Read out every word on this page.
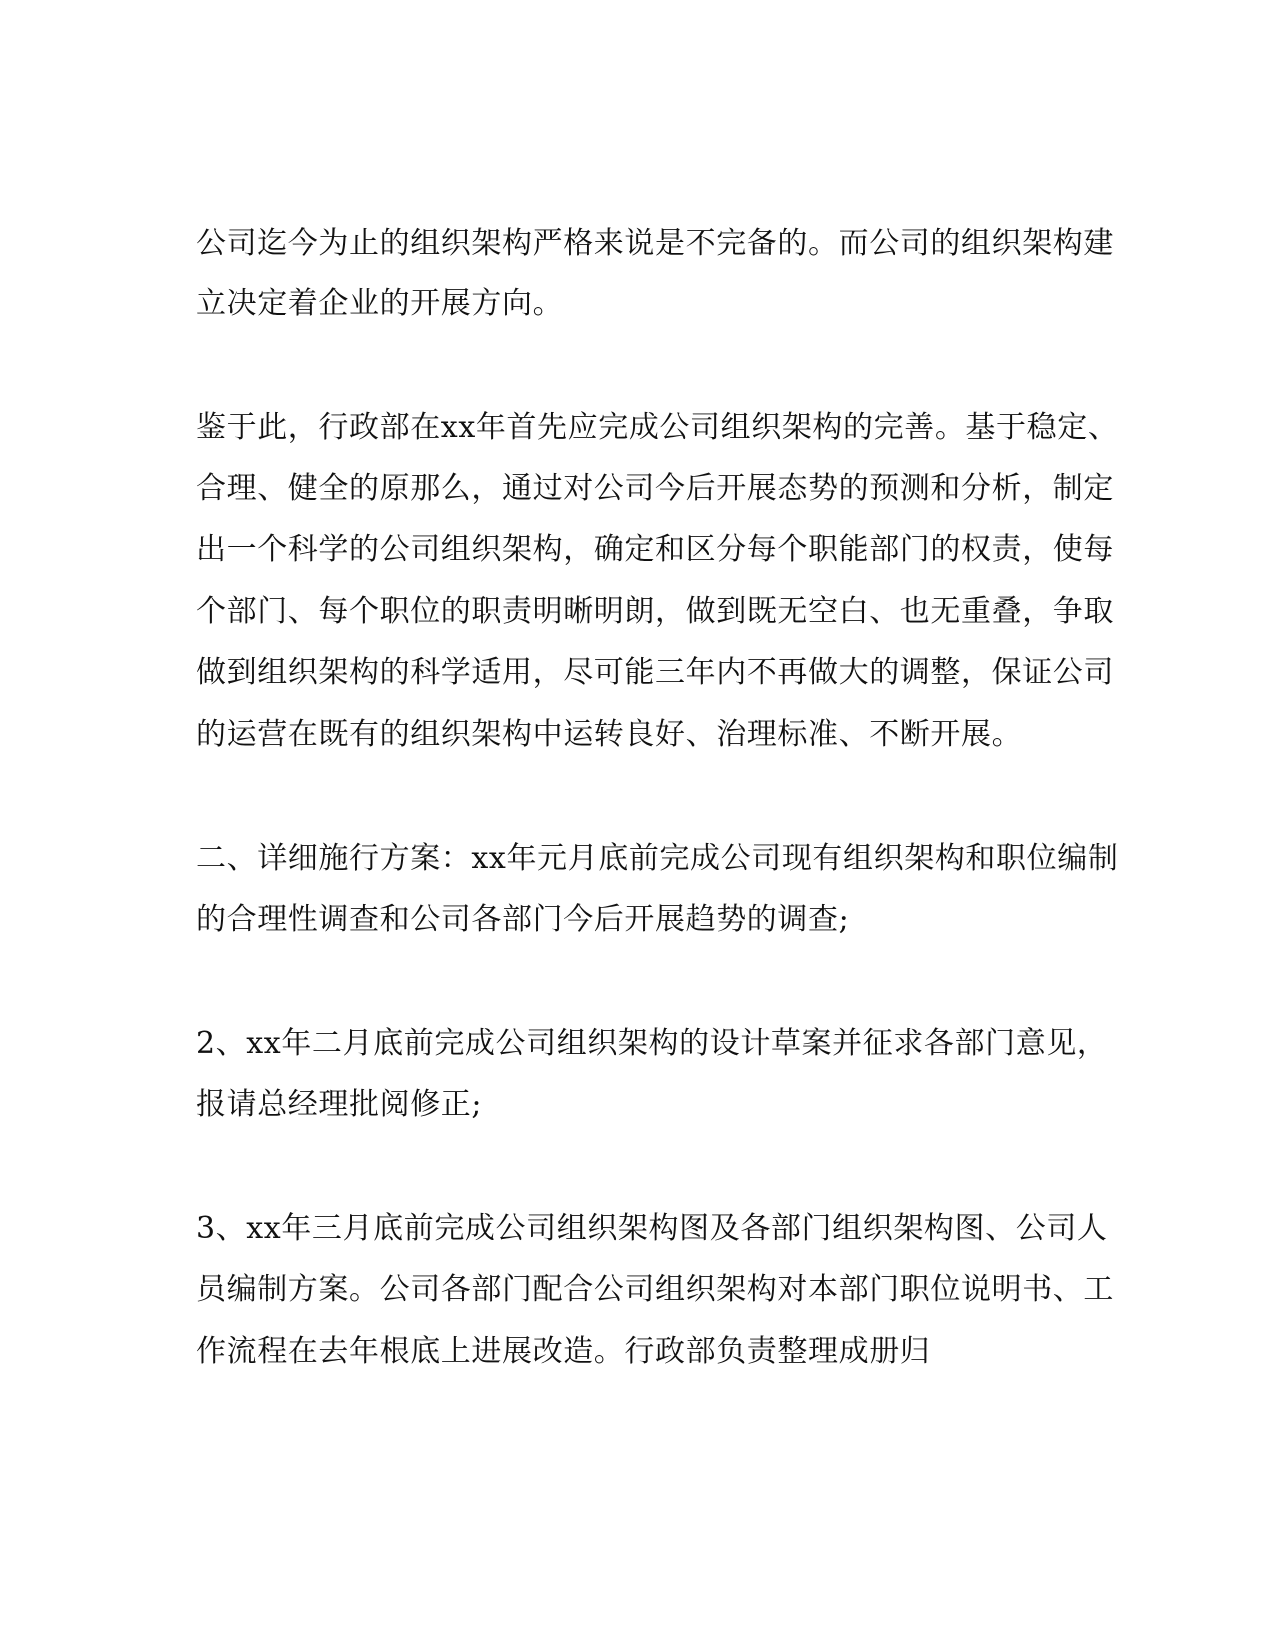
公司迄今为止的组织架构严格来说是不完备的。而公司的组织架构建
立决定着企业的开展方向。
鉴于此，行政部在xx年首先应完成公司组织架构的完善。基于稳定、
合理、健全的原那么，通过对公司今后开展态势的预测和分析，制定
出一个科学的公司组织架构，确定和区分每个职能部门的权责，使每
个部门、每个职位的职责明晰明朗，做到既无空白、也无重叠，争取
做到组织架构的科学适用，尽可能三年内不再做大的调整，保证公司
的运营在既有的组织架构中运转良好、治理标准、不断开展。
二、详细施行方案：xx年元月底前完成公司现有组织架构和职位编制
的合理性调查和公司各部门今后开展趋势的调查;
2、xx年二月底前完成公司组织架构的设计草案并征求各部门意见，
报请总经理批阅修正;
3、xx年三月底前完成公司组织架构图及各部门组织架构图、公司人
员编制方案。公司各部门配合公司组织架构对本部门职位说明书、工
作流程在去年根底上进展改造。行政部负责整理成册归
